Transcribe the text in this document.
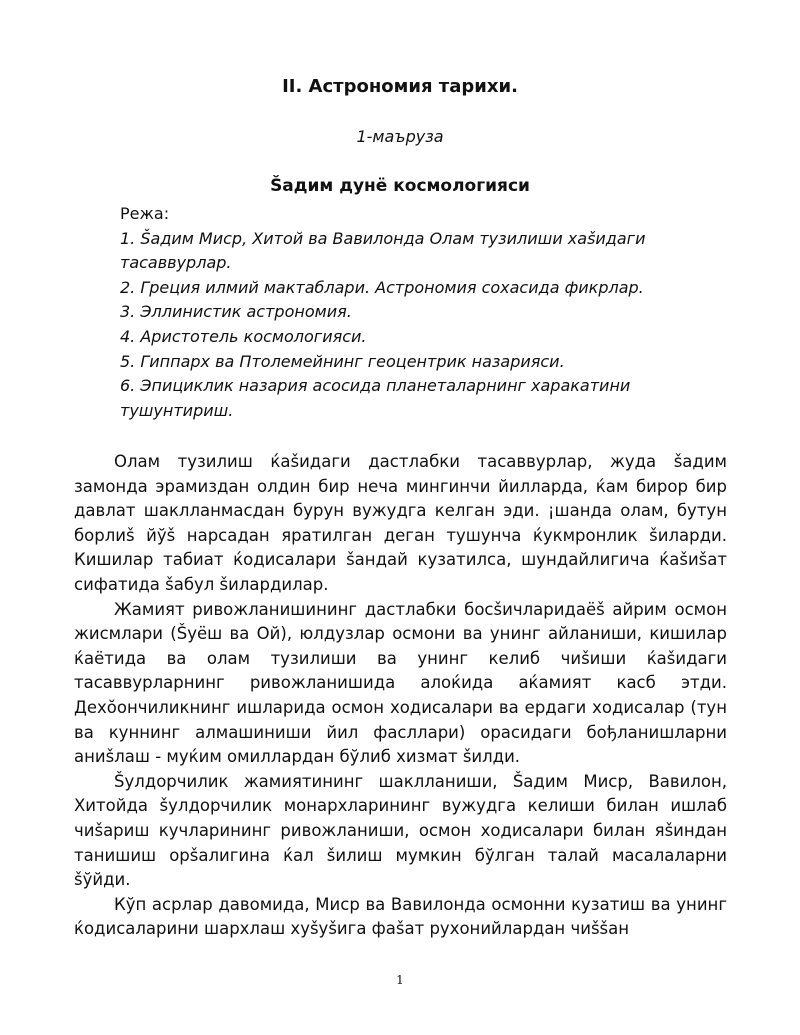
II. Астрономия тарихи.
1-маъруза
Šадим дунё космологияси
Режа:
1. Šадим Миср, Хитой ва Вавилонда Олам тузилиши хаšидаги тасаввурлар.
2. Греция илмий мактаблари. Астрономия сохасида фикрлар.
3. Эллинистик астрономия.
4. Аристотель космологияси.
5. Гиппарх ва Птолемейнинг геоцентрик назарияси.
6. Эпициклик назария асосида планеталарнинг харакатини тушунтириш.

Олам тузилиш ќаšидаги дастлабки тасаввурлар, жуда šадим замонда эрамиздан олдин бир неча мингинчи йилларда, ќам бирор бир давлат шаклланмасдан бурун вужудга келган эди. ¡шанда олам, бутун борлиš йўš нарсадан яратилган деган тушунча ќукмронлик šиларди. Кишилар табиат ќодисалари šандай кузатилса, шундайлигича ќаšиšат сифатида šабул šилардилар.

Жамият ривожланишининг дастлабки босšичларидаёš айрим осмон жисмлари (Šуёш ва Ой), юлдузлар осмони ва унинг айланиши, кишилар ќаётида ва олам тузилиши ва унинг келиб чиšиши ќаšидаги тасаввурларнинг ривожланишида алоќида аќамият касб этди. Дехŏончиликнинг ишларида осмон ходисалари ва ердаги ходисалар (тун ва куннинг алмашиниши йил фасллари) орасидаги бођланишларни аниšлаш - муќим омиллардан бўлиб хизмат šилди.

Šулдорчилик жамиятининг шаклланиши, Šадим Миср, Вавилон, Хитойда šулдорчилик монархларининг вужудга келиши билан ишлаб чиšариш кучларининг ривожланиши, осмон ходисалари билан яšиндан танишиш орšалигина ќал šилиш мумкин бўлган талай масалаларни šўйди.

Кўп асрлар давомида, Миср ва Вавилонда осмонни кузатиш ва унинг ќодисаларини шархлаш хуšуšига фаšат рухонийлардан чиššан

1
